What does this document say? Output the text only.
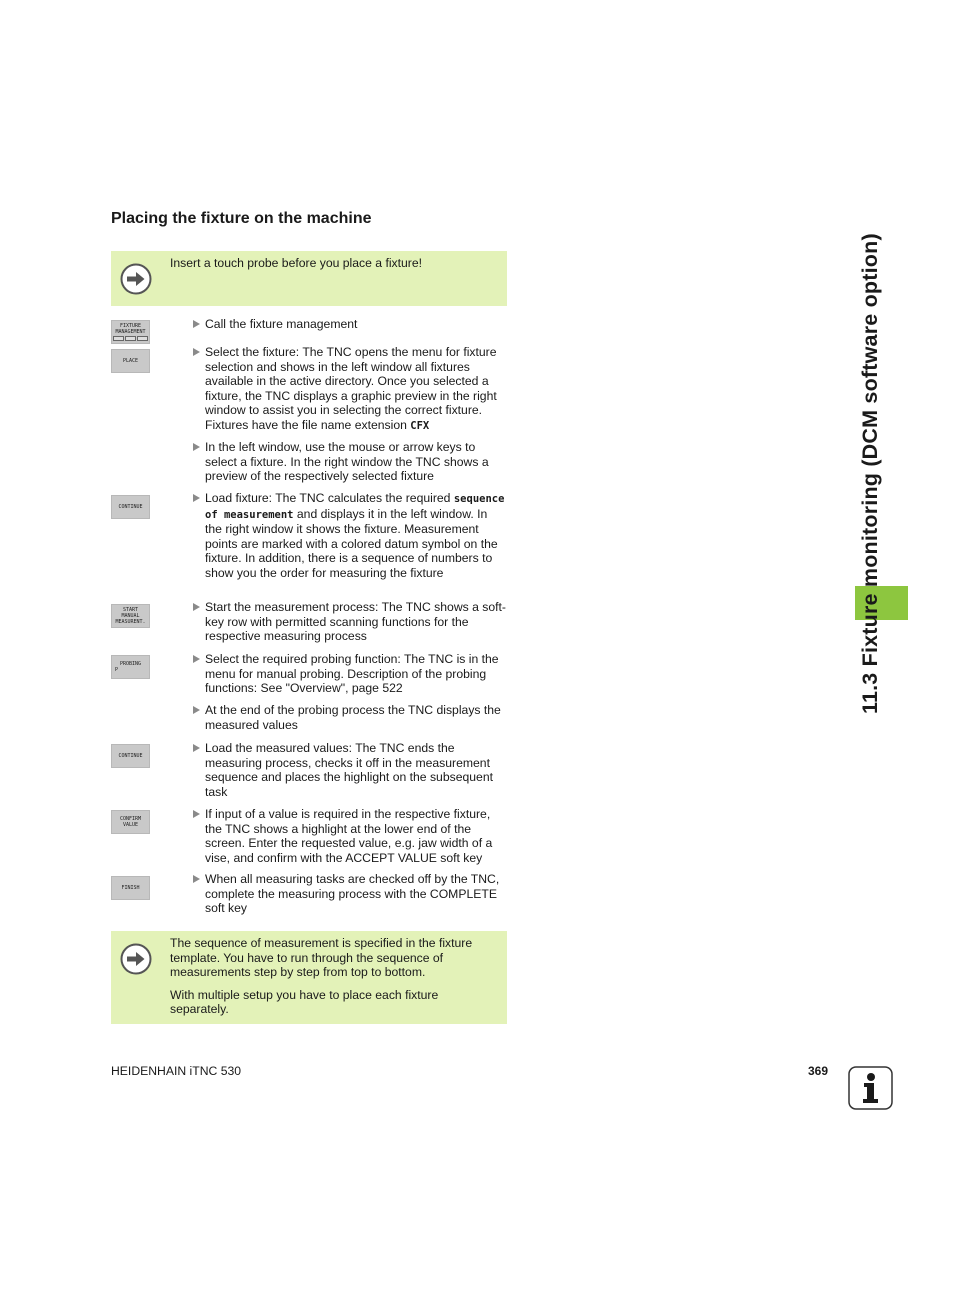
Placing the fixture on the machine

Insert a touch probe before you place a fixture!

FIXTURE
MANAGEMENT
PLACE
CONTINUE
START
MANUAL
MEASURENT.
PROBING
P
CONTINUE
CONFIRM
VALUE
FINISH
Call the fixture management
Select the fixture: The TNC opens the menu for fixture selection and shows in the left window all fixtures available in the active directory. Once you selected a fixture, the TNC displays a graphic preview in the right window to assist you in selecting the correct fixture. Fixtures have the file name extension CFX
In the left window, use the mouse or arrow keys to select a fixture. In the right window the TNC shows a preview of the respectively selected fixture
Load fixture: The TNC calculates the required sequence of measurement and displays it in the left window. In the right window it shows the fixture. Measurement points are marked with a colored datum symbol on the fixture. In addition, there is a sequence of numbers to show you the order for measuring the fixture
Start the measurement process: The TNC shows a soft-key row with permitted scanning functions for the respective measuring process
Select the required probing function: The TNC is in the menu for manual probing. Description of the probing functions: See "Overview", page 522
At the end of the probing process the TNC displays the measured values
Load the measured values: The TNC ends the measuring process, checks it off in the measurement sequence and places the highlight on the subsequent task
If input of a value is required in the respective fixture, the TNC shows a highlight at the lower end of the screen. Enter the requested value, e.g. jaw width of a vise, and confirm with the ACCEPT VALUE soft key
When all measuring tasks are checked off by the TNC, complete the measuring process with the COMPLETE soft key

The sequence of measurement is specified in the fixture template. You have to run through the sequence of measurements step by step from top to bottom.

With multiple setup you have to place each fixture separately.

11.3 Fixture monitoring (DCM software option)
HEIDENHAIN iTNC 530	369
